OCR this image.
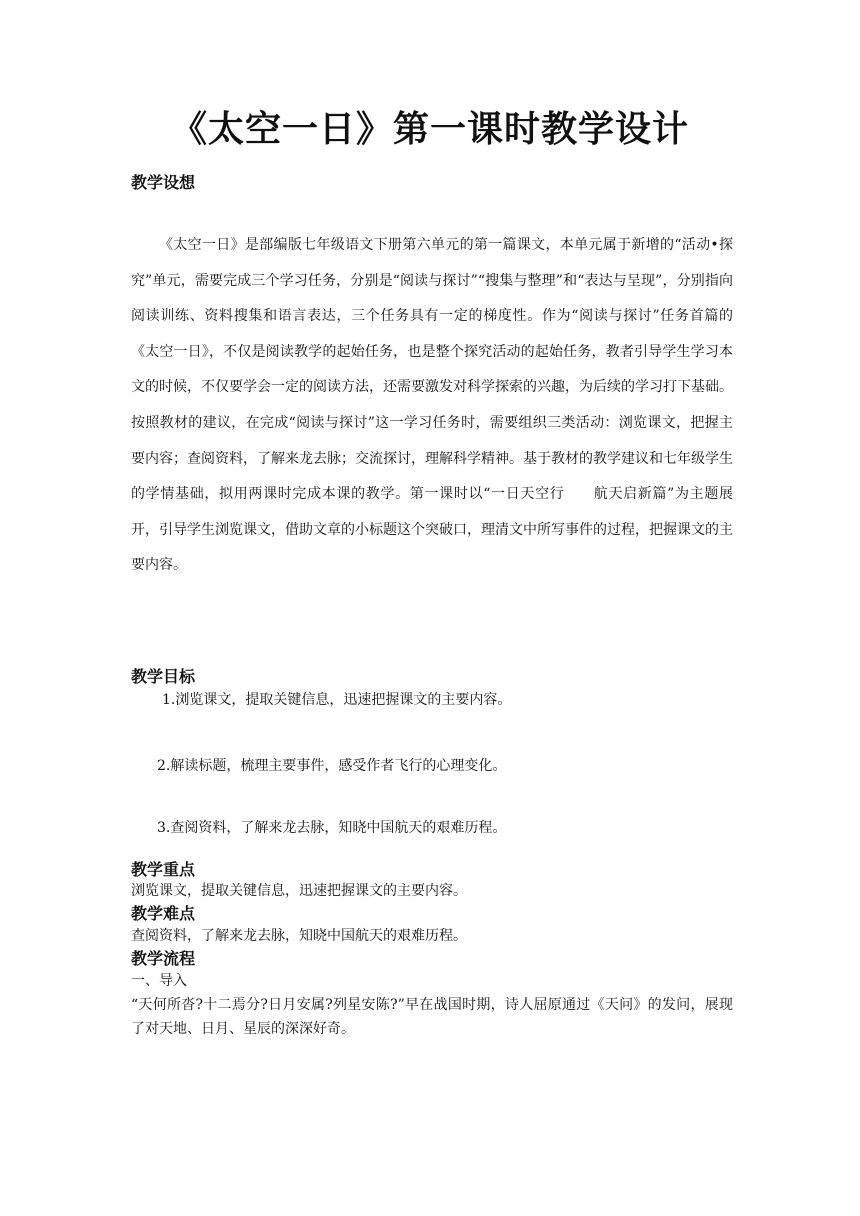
《太空一日》第一课时教学设计
教学设想
《太空一日》是部编版七年级语文下册第六单元的第一篇课文，本单元属于新增的“活动•探究”单元，需要完成三个学习任务，分别是“阅读与探讨”“搜集与整理”和“表达与呈现”，分别指向阅读训练、资料搜集和语言表达，三个任务具有一定的梯度性。作为“阅读与探讨”任务首篇的《太空一日》，不仅是阅读教学的起始任务，也是整个探究活动的起始任务，教者引导学生学习本文的时候，不仅要学会一定的阅读方法，还需要激发对科学探索的兴趣，为后续的学习打下基础。按照教材的建议，在完成“阅读与探讨”这一学习任务时，需要组织三类活动：浏览课文，把握主要内容；查阅资料，了解来龙去脉；交流探讨，理解科学精神。基于教材的教学建议和七年级学生的学情基础，拟用两课时完成本课的教学。第一课时以“一日天空行　　航天启新篇”为主题展开，引导学生浏览课文，借助文章的小标题这个突破口，理清文中所写事件的过程，把握课文的主要内容。
教学目标
1.浏览课文，提取关键信息，迅速把握课文的主要内容。
2.解读标题，梳理主要事件，感受作者飞行的心理变化。
3.查阅资料，了解来龙去脉，知晓中国航天的艰难历程。
教学重点
浏览课文，提取关键信息，迅速把握课文的主要内容。
教学难点
查阅资料，了解来龙去脉，知晓中国航天的艰难历程。
教学流程
一、导入
“天何所沓?十二焉分?日月安属?列星安陈?”早在战国时期，诗人屈原通过《天问》的发问，展现了对天地、日月、星辰的深深好奇。
